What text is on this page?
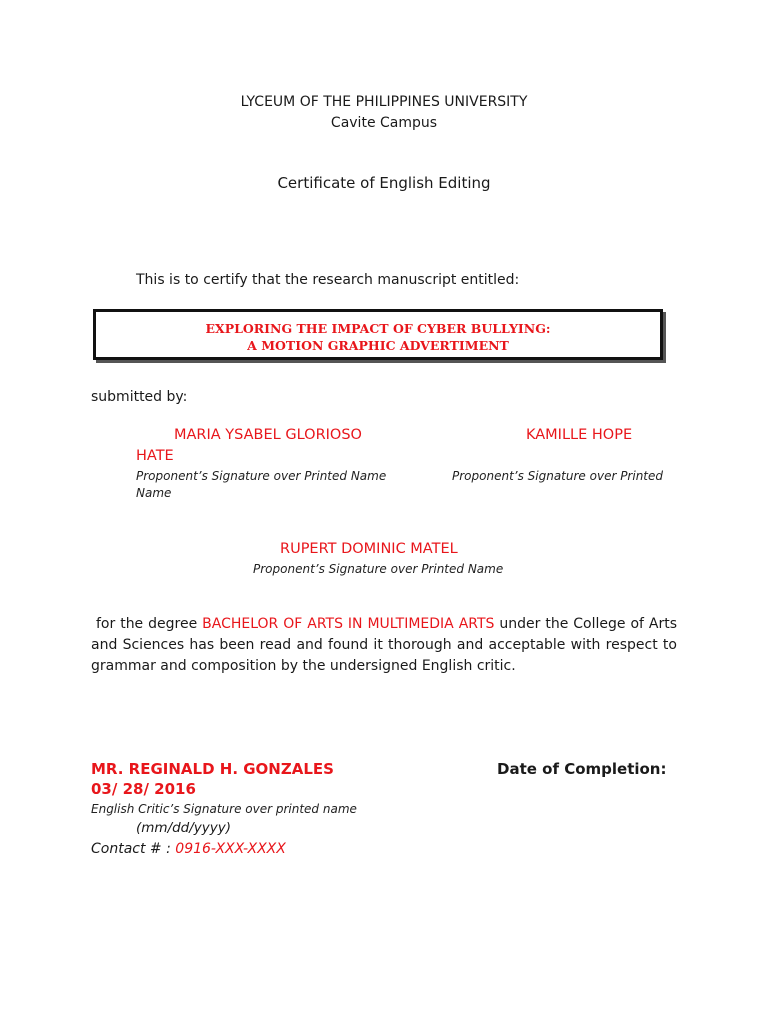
LYCEUM OF THE PHILIPPINES UNIVERSITY
Cavite Campus
Certificate of English Editing
This is to certify that the research manuscript entitled:
EXPLORING THE IMPACT OF CYBER BULLYING:
A MOTION GRAPHIC ADVERTIMENT
submitted by:
MARIA YSABEL GLORIOSO	KAMILLE HOPE
HATE
Proponent’s Signature over Printed Name	Proponent’s Signature over Printed
Name
RUPERT DOMINIC MATEL
Proponent’s Signature over Printed Name
for the degree BACHELOR OF ARTS IN MULTIMEDIA ARTS under the College of Arts and Sciences has been read and found it thorough and acceptable with respect to grammar and composition by the undersigned English critic.
MR. REGINALD H. GONZALES	Date of Completion:
03/ 28/ 2016
English Critic’s Signature over printed name
(mm/dd/yyyy)
Contact # : 0916-XXX-XXXX
